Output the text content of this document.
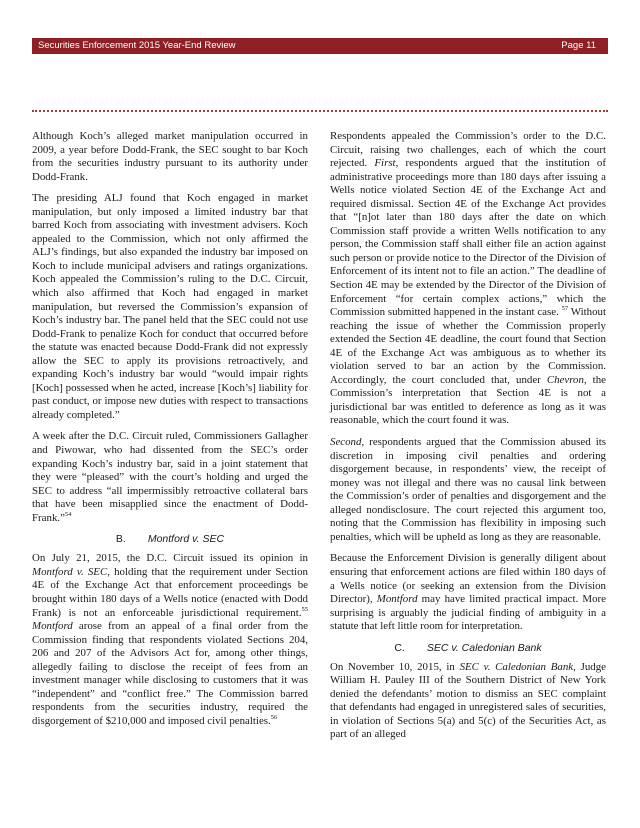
Securities Enforcement 2015 Year-End Review	Page 11

Although Koch’s alleged market manipulation occurred in 2009, a year before Dodd-Frank, the SEC sought to bar Koch from the securities industry pursuant to its authority under Dodd-Frank.

The presiding ALJ found that Koch engaged in market manipulation, but only imposed a limited industry bar that barred Koch from associating with investment advisers. Koch appealed to the Commission, which not only affirmed the ALJ’s findings, but also expanded the industry bar imposed on Koch to include municipal advisers and ratings organizations. Koch appealed the Commission’s ruling to the D.C. Circuit, which also affirmed that Koch had engaged in market manipulation, but reversed the Commission’s expansion of Koch’s industry bar. The panel held that the SEC could not use Dodd-Frank to penalize Koch for conduct that occurred before the statute was enacted because Dodd-Frank did not expressly allow the SEC to apply its provisions retroactively, and expanding Koch’s industry bar would “would impair rights [Koch] possessed when he acted, increase [Koch’s] liability for past conduct, or impose new duties with respect to transactions already completed.”

A week after the D.C. Circuit ruled, Commissioners Gallagher and Piwowar, who had dissented from the SEC’s order expanding Koch’s industry bar, said in a joint statement that they were “pleased” with the court’s holding and urged the SEC to address “all impermissibly retroactive collateral bars that have been misapplied since the enactment of Dodd-Frank.”$^{54}$

B. Montford v. SEC

On July 21, 2015, the D.C. Circuit issued its opinion in Montford v. SEC, holding that the requirement under Section 4E of the Exchange Act that enforcement proceedings be brought within 180 days of a Wells notice (enacted with Dodd Frank) is not an enforceable jurisdictional requirement.$^{55}$ Montford arose from an appeal of a final order from the Commission finding that respondents violated Sections 204, 206 and 207 of the Advisors Act for, among other things, allegedly failing to disclose the receipt of fees from an investment manager while disclosing to customers that it was “independent” and “conflict free.” The Commission barred respondents from the securities industry, required the disgorgement of $210,000 and imposed civil penalties.$^{56}$

Respondents appealed the Commission’s order to the D.C. Circuit, raising two challenges, each of which the court rejected. First, respondents argued that the institution of administrative proceedings more than 180 days after issuing a Wells notice violated Section 4E of the Exchange Act and required dismissal. Section 4E of the Exchange Act provides that “[n]ot later than 180 days after the date on which Commission staff provide a written Wells notification to any person, the Commission staff shall either file an action against such person or provide notice to the Director of the Division of Enforcement of its intent not to file an action.” The deadline of Section 4E may be extended by the Director of the Division of Enforcement “for certain complex actions,” which the Commission submitted happened in the instant case. $^{57}$ Without reaching the issue of whether the Commission properly extended the Section 4E deadline, the court found that Section 4E of the Exchange Act was ambiguous as to whether its violation served to bar an action by the Commission. Accordingly, the court concluded that, under Chevron, the Commission’s interpretation that Section 4E is not a jurisdictional bar was entitled to deference as long as it was reasonable, which the court found it was.

Second, respondents argued that the Commission abused its discretion in imposing civil penalties and ordering disgorgement because, in respondents’ view, the receipt of money was not illegal and there was no causal link between the Commission’s order of penalties and disgorgement and the alleged nondisclosure. The court rejected this argument too, noting that the Commission has flexibility in imposing such penalties, which will be upheld as long as they are reasonable.

Because the Enforcement Division is generally diligent about ensuring that enforcement actions are filed within 180 days of a Wells notice (or seeking an extension from the Division Director), Montford may have limited practical impact. More surprising is arguably the judicial finding of ambiguity in a statute that left little room for interpretation.

C. SEC v. Caledonian Bank

On November 10, 2015, in SEC v. Caledonian Bank, Judge William H. Pauley III of the Southern District of New York denied the defendants’ motion to dismiss an SEC complaint that defendants had engaged in unregistered sales of securities, in violation of Sections 5(a) and 5(c) of the Securities Act, as part of an alleged
